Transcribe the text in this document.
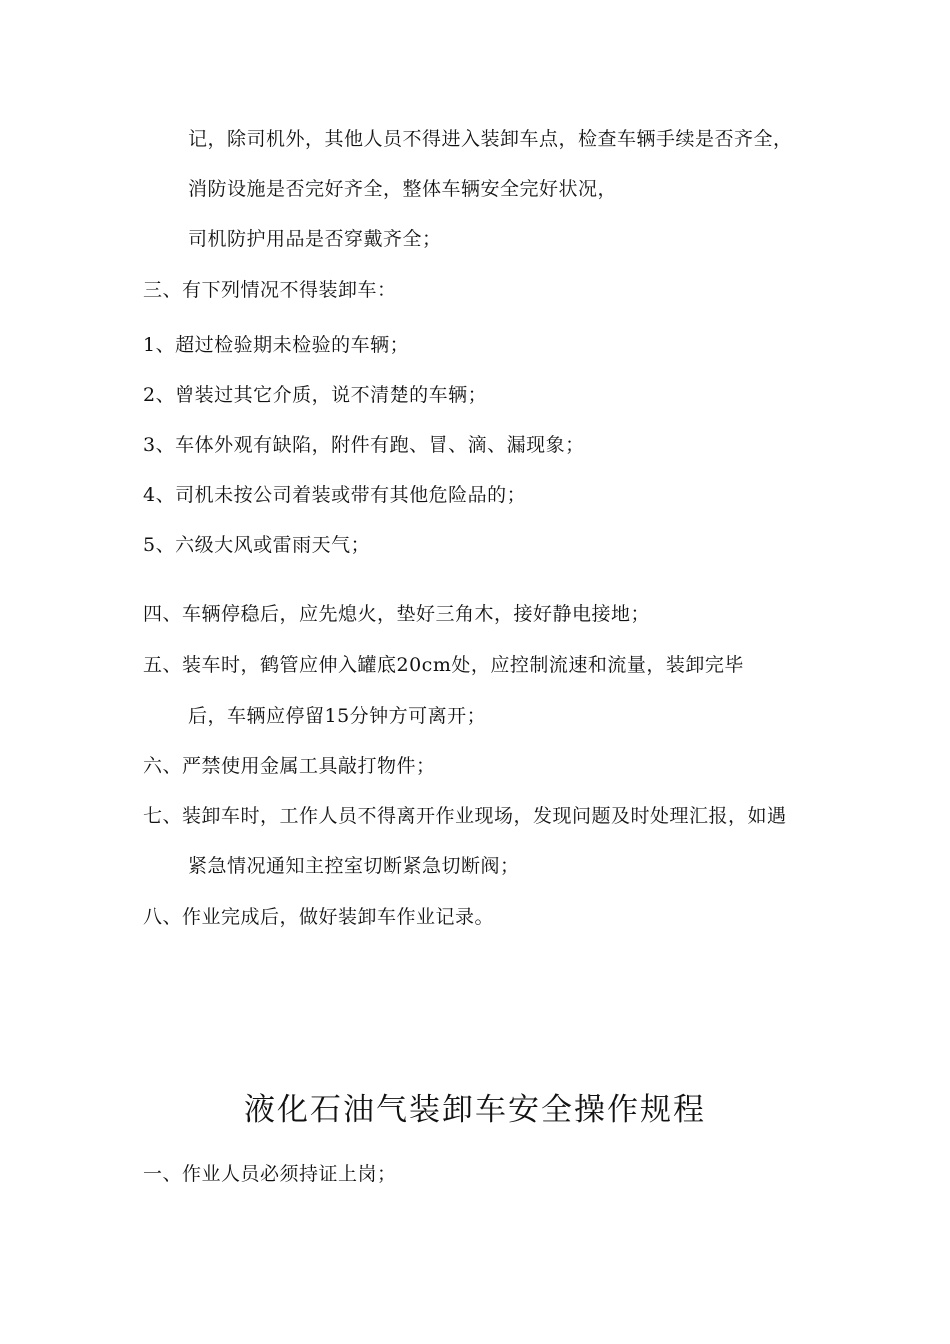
记，除司机外，其他人员不得进入装卸车点，检查车辆手续是否齐全，
消防设施是否完好齐全，整体车辆安全完好状况，
司机防护用品是否穿戴齐全；
三、有下列情况不得装卸车：
1、超过检验期未检验的车辆；
2、曾装过其它介质，说不清楚的车辆；
3、车体外观有缺陷，附件有跑、冒、滴、漏现象；
4、司机未按公司着装或带有其他危险品的；
5、六级大风或雷雨天气；
四、车辆停稳后，应先熄火，垫好三角木，接好静电接地；
五、装车时，鹤管应伸入罐底20cm处，应控制流速和流量，装卸完毕
后，车辆应停留15分钟方可离开；
六、严禁使用金属工具敲打物件；
七、装卸车时，工作人员不得离开作业现场，发现问题及时处理汇报，如遇
紧急情况通知主控室切断紧急切断阀；
八、作业完成后，做好装卸车作业记录。
液化石油气装卸车安全操作规程
一、作业人员必须持证上岗；
